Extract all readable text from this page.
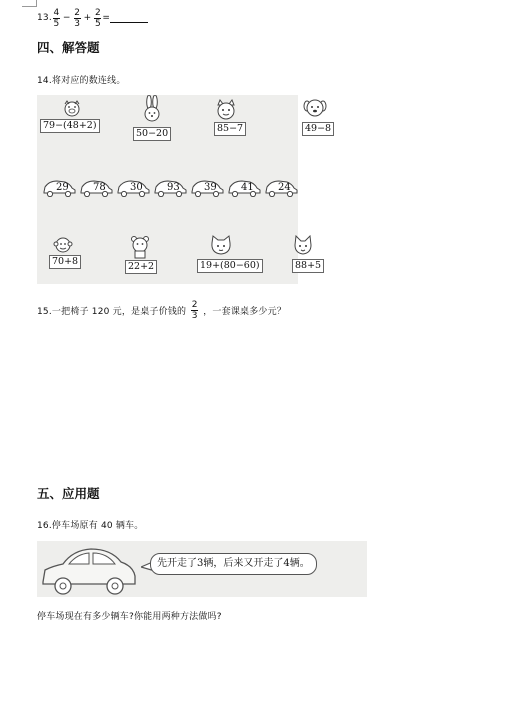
13. $\frac{4}{5} - \frac{2}{3} + \frac{2}{5}$ =
四、解答题
14.将对应的数连线。
79−(48+2)
50−20	85−7	49−8
29 78 30 93 39 41 24
70+8	22+2	19+(80−60)	88+5
15.一把椅子 120 元，是桌子价钱的 $\frac{2}{3}$ ，一套课桌多少元？
五、应用题
16.停车场原有 40 辆车。
先开走了3辆，后来又开走了4辆。
停车场现在有多少辆车?你能用两种方法做吗?
